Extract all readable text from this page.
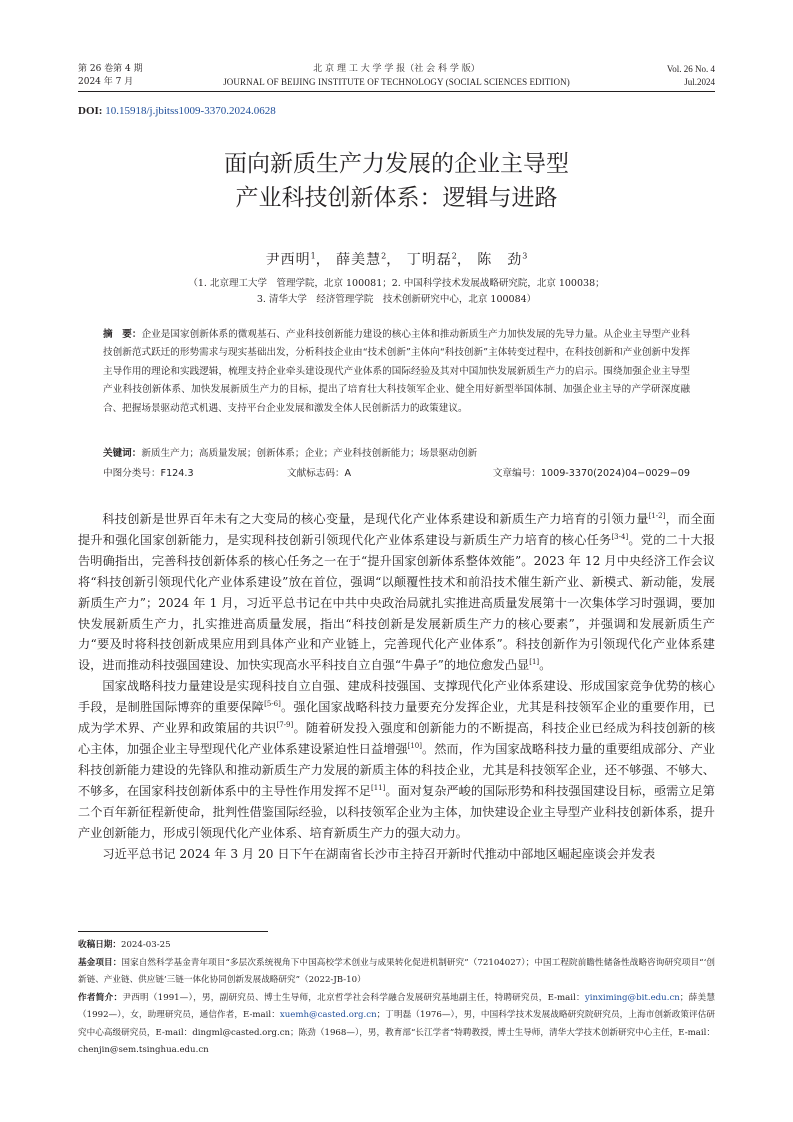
第 26 卷第 4 期
2024 年 7 月
北 京 理 工 大 学 学 报（社 会 科 学 版）
JOURNAL OF BEIJING INSTITUTE OF TECHNOLOGY (SOCIAL SCIENCES EDITION)
Vol. 26 No. 4
Jul.2024
DOI: 10.15918/j.jbitss1009-3370.2024.0628
面向新质生产力发展的企业主导型
产业科技创新体系：逻辑与进路
尹西明$^1$， 薛美慧$^2$， 丁明磊$^2$， 陈　劲$^3$
（1. 北京理工大学　管理学院，北京 100081；2. 中国科学技术发展战略研究院，北京 100038；
3. 清华大学　经济管理学院　技术创新研究中心，北京 100084）
摘　要：企业是国家创新体系的微观基石、产业科技创新能力建设的核心主体和推动新质生产力加快发展的先导力量。从企业主导型产业科技创新范式跃迁的形势需求与现实基础出发，分析科技企业由“技术创新”主体向“科技创新”主体转变过程中，在科技创新和产业创新中发挥主导作用的理论和实践逻辑，梳理支持企业牵头建设现代产业体系的国际经验及其对中国加快发展新质生产力的启示。围绕加强企业主导型产业科技创新体系、加快发展新质生产力的目标，提出了培育壮大科技领军企业、健全用好新型举国体制、加强企业主导的产学研深度融合、把握场景驱动范式机遇、支持平台企业发展和激发全体人民创新活力的政策建议。
关键词：新质生产力；高质量发展；创新体系；企业；产业科技创新能力；场景驱动创新
中图分类号：F124.3	文献标志码：A	文章编号：1009-3370(2024)04−0029−09

科技创新是世界百年未有之大变局的核心变量，是现代化产业体系建设和新质生产力培育的引领力量[1-2]，而全面提升和强化国家创新能力，是实现科技创新引领现代化产业体系建设与新质生产力培育的核心任务[3-4]。党的二十大报告明确指出，完善科技创新体系的核心任务之一在于“提升国家创新体系整体效能”。2023 年 12 月中央经济工作会议将“科技创新引领现代化产业体系建设”放在首位，强调“以颠覆性技术和前沿技术催生新产业、新模式、新动能，发展新质生产力”；2024 年 1 月，习近平总书记在中共中央政治局就扎实推进高质量发展第十一次集体学习时强调，要加快发展新质生产力，扎实推进高质量发展，指出“科技创新是发展新质生产力的核心要素”，并强调和发展新质生产力“要及时将科技创新成果应用到具体产业和产业链上，完善现代化产业体系”。科技创新作为引领现代化产业体系建设，进而推动科技强国建设、加快实现高水平科技自立自强“牛鼻子”的地位愈发凸显[1]。

国家战略科技力量建设是实现科技自立自强、建成科技强国、支撑现代化产业体系建设、形成国家竞争优势的核心手段，是制胜国际博弈的重要保障[5-6]。强化国家战略科技力量要充分发挥企业，尤其是科技领军企业的重要作用，已成为学术界、产业界和政策届的共识[7-9]。随着研发投入强度和创新能力的不断提高，科技企业已经成为科技创新的核心主体，加强企业主导型现代化产业体系建设紧迫性日益增强[10]。然而，作为国家战略科技力量的重要组成部分、产业科技创新能力建设的先锋队和推动新质生产力发展的新质主体的科技企业，尤其是科技领军企业，还不够强、不够大、不够多，在国家科技创新体系中的主导性作用发挥不足[11]。面对复杂严峻的国际形势和科技强国建设目标，亟需立足第二个百年新征程新使命，批判性借鉴国际经验，以科技领军企业为主体，加快建设企业主导型产业科技创新体系，提升产业创新能力，形成引领现代化产业体系、培育新质生产力的强大动力。

习近平总书记 2024 年 3 月 20 日下午在湖南省长沙市主持召开新时代推动中部地区崛起座谈会并发表

收稿日期：2024-03-25

基金项目：国家自然科学基金青年项目“多层次系统视角下中国高校学术创业与成果转化促进机制研究”（72104027）；中国工程院前瞻性储备性战略咨询研究项目“‘创新链、产业链、供应链’三链一体化协同创新发展战略研究”（2022-JB-10）

作者简介：尹西明（1991—），男，副研究员、博士生导师，北京哲学社会科学融合发展研究基地副主任，特聘研究员，E-mail：yinximing@bit.edu.cn；薛美慧（1992—），女，助理研究员，通信作者，E-mail：xuemh@casted.org.cn；丁明磊（1976—），男，中国科学技术发展战略研究院研究员，上海市创新政策评估研究中心高级研究员，E-mail：dingml@casted.org.cn；陈劲（1968—），男，教育部“长江学者”特聘教授，博士生导师，清华大学技术创新研究中心主任，E-mail：chenjin@sem.tsinghua.edu.cn
